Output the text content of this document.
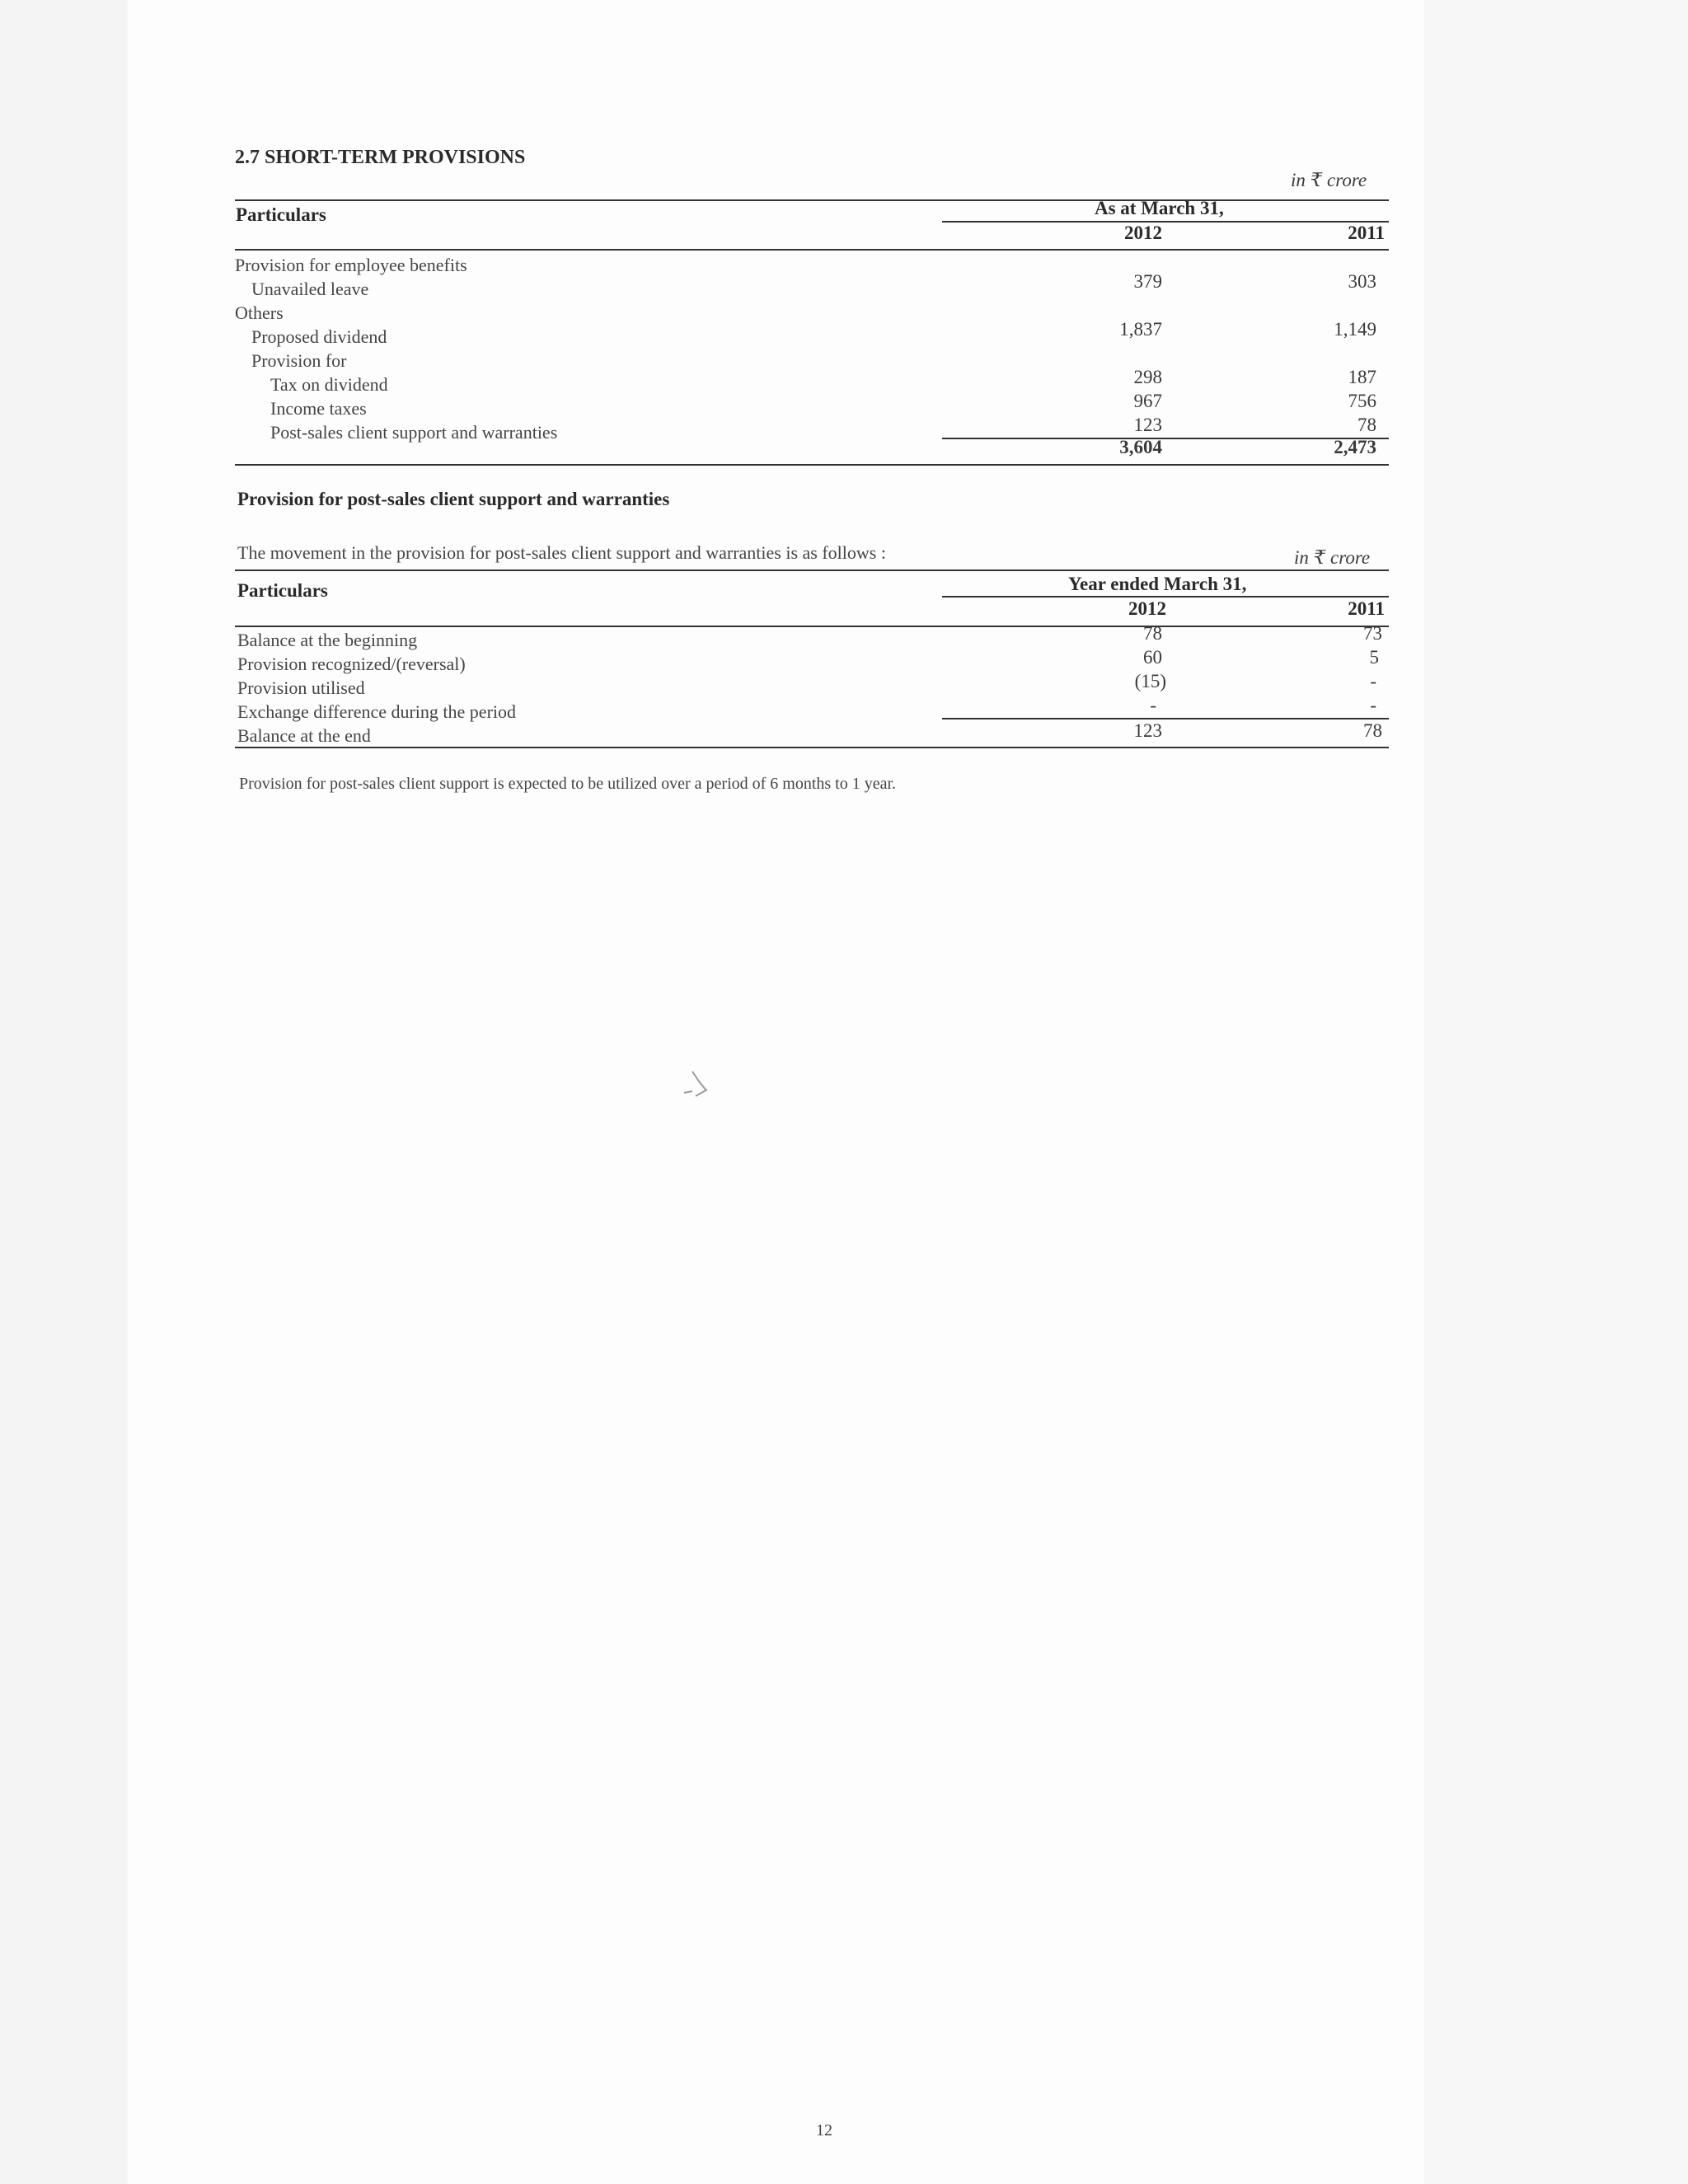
2.7 SHORT-TERM PROVISIONS
in ₹ crore
Particulars	As at March 31,
2012	2011
Provision for employee benefits
Unavailed leave	379	303
Others
Proposed dividend	1,837	1,149
Provision for
Tax on dividend	298	187
Income taxes	967	756
Post-sales client support and warranties	123	78
3,604	2,473
Provision for post-sales client support and warranties
The movement in the provision for post-sales client support and warranties is as follows :	in ₹ crore
Particulars	Year ended March 31,
2012	2011
Balance at the beginning	78	73
Provision recognized/(reversal)	60	5
Provision utilised	(15)	-
Exchange difference during the period	-	-
Balance at the end	123	78
Provision for post-sales client support is expected to be utilized over a period of 6 months to 1 year.
12
